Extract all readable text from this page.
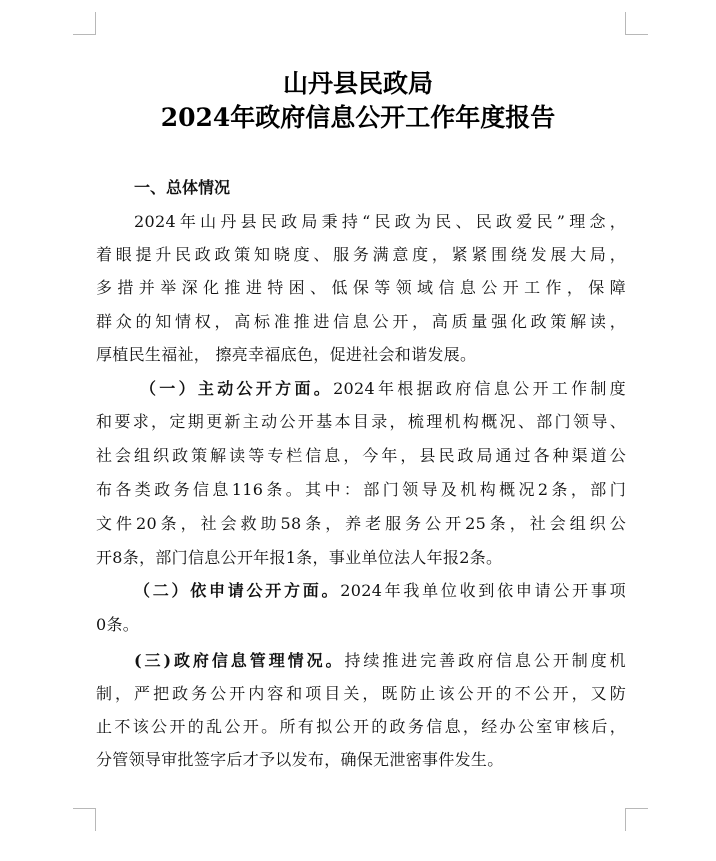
山丹县民政局
2024年政府信息公开工作年度报告
一、总体情况
2024年山丹县民政局秉持“民政为民、民政爱民”理念，
着眼提升民政政策知晓度、服务满意度，紧紧围绕发展大局，
多措并举深化推进特困、低保等领域信息公开工作，保障
群众的知情权，高标准推进信息公开，高质量强化政策解读，
厚植民生福祉， 擦亮幸福底色，促进社会和谐发展。
（一）主动公开方面。2024年根据政府信息公开工作制度
和要求，定期更新主动公开基本目录，梳理机构概况、部门领导、
社会组织政策解读等专栏信息，今年，县民政局通过各种渠道公
布各类政务信息116条。其中：部门领导及机构概况2条，部门
文件20条，社会救助58条，养老服务公开25条，社会组织公
开8条，部门信息公开年报1条，事业单位法人年报2条。
（二）依申请公开方面。2024年我单位收到依申请公开事项
0条。
(三)政府信息管理情况。持续推进完善政府信息公开制度机
制，严把政务公开内容和项目关，既防止该公开的不公开，又防
止不该公开的乱公开。所有拟公开的政务信息，经办公室审核后，
分管领导审批签字后才予以发布，确保无泄密事件发生。
